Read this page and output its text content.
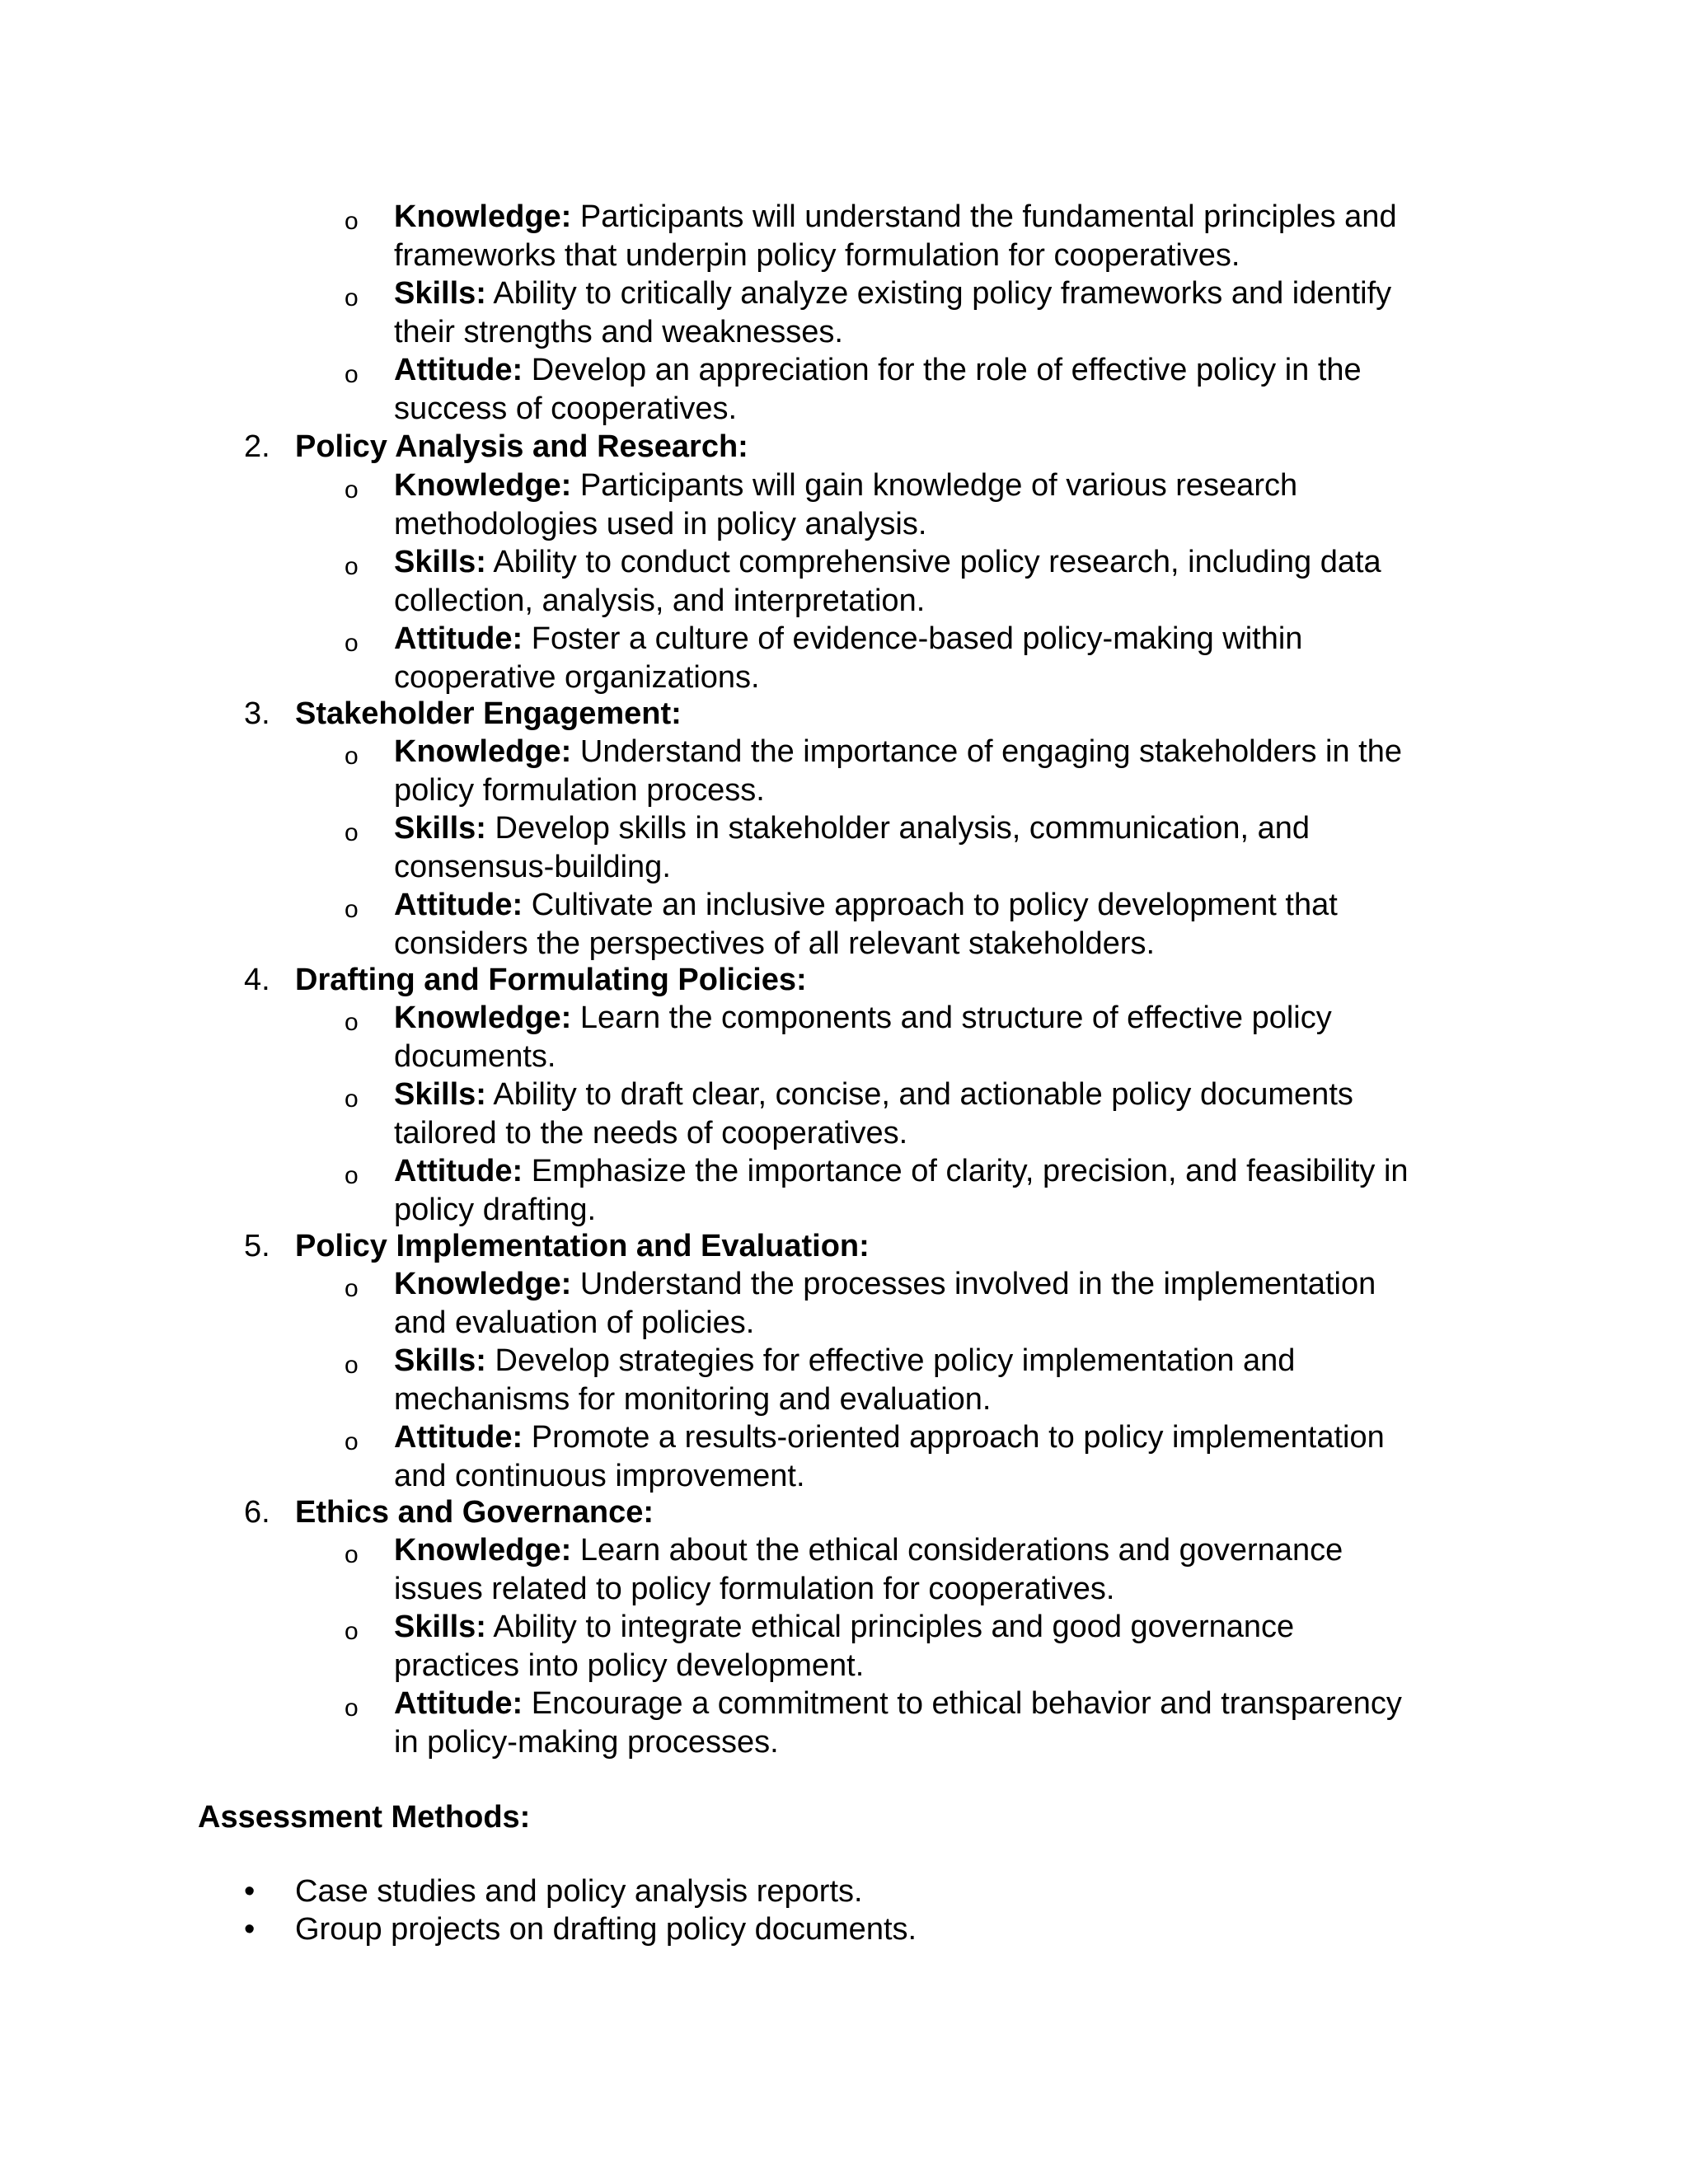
o Knowledge: Participants will understand the fundamental principles and
frameworks that underpin policy formulation for cooperatives.
o Skills: Ability to critically analyze existing policy frameworks and identify
their strengths and weaknesses.
o Attitude: Develop an appreciation for the role of effective policy in the
success of cooperatives.
2. Policy Analysis and Research:
o Knowledge: Participants will gain knowledge of various research
methodologies used in policy analysis.
o Skills: Ability to conduct comprehensive policy research, including data
collection, analysis, and interpretation.
o Attitude: Foster a culture of evidence-based policy-making within
cooperative organizations.
3. Stakeholder Engagement:
o Knowledge: Understand the importance of engaging stakeholders in the
policy formulation process.
o Skills: Develop skills in stakeholder analysis, communication, and
consensus-building.
o Attitude: Cultivate an inclusive approach to policy development that
considers the perspectives of all relevant stakeholders.
4. Drafting and Formulating Policies:
o Knowledge: Learn the components and structure of effective policy
documents.
o Skills: Ability to draft clear, concise, and actionable policy documents
tailored to the needs of cooperatives.
o Attitude: Emphasize the importance of clarity, precision, and feasibility in
policy drafting.
5. Policy Implementation and Evaluation:
o Knowledge: Understand the processes involved in the implementation
and evaluation of policies.
o Skills: Develop strategies for effective policy implementation and
mechanisms for monitoring and evaluation.
o Attitude: Promote a results-oriented approach to policy implementation
and continuous improvement.
6. Ethics and Governance:
o Knowledge: Learn about the ethical considerations and governance
issues related to policy formulation for cooperatives.
o Skills: Ability to integrate ethical principles and good governance
practices into policy development.
o Attitude: Encourage a commitment to ethical behavior and transparency
in policy-making processes.
Assessment Methods:
• Case studies and policy analysis reports.
• Group projects on drafting policy documents.
